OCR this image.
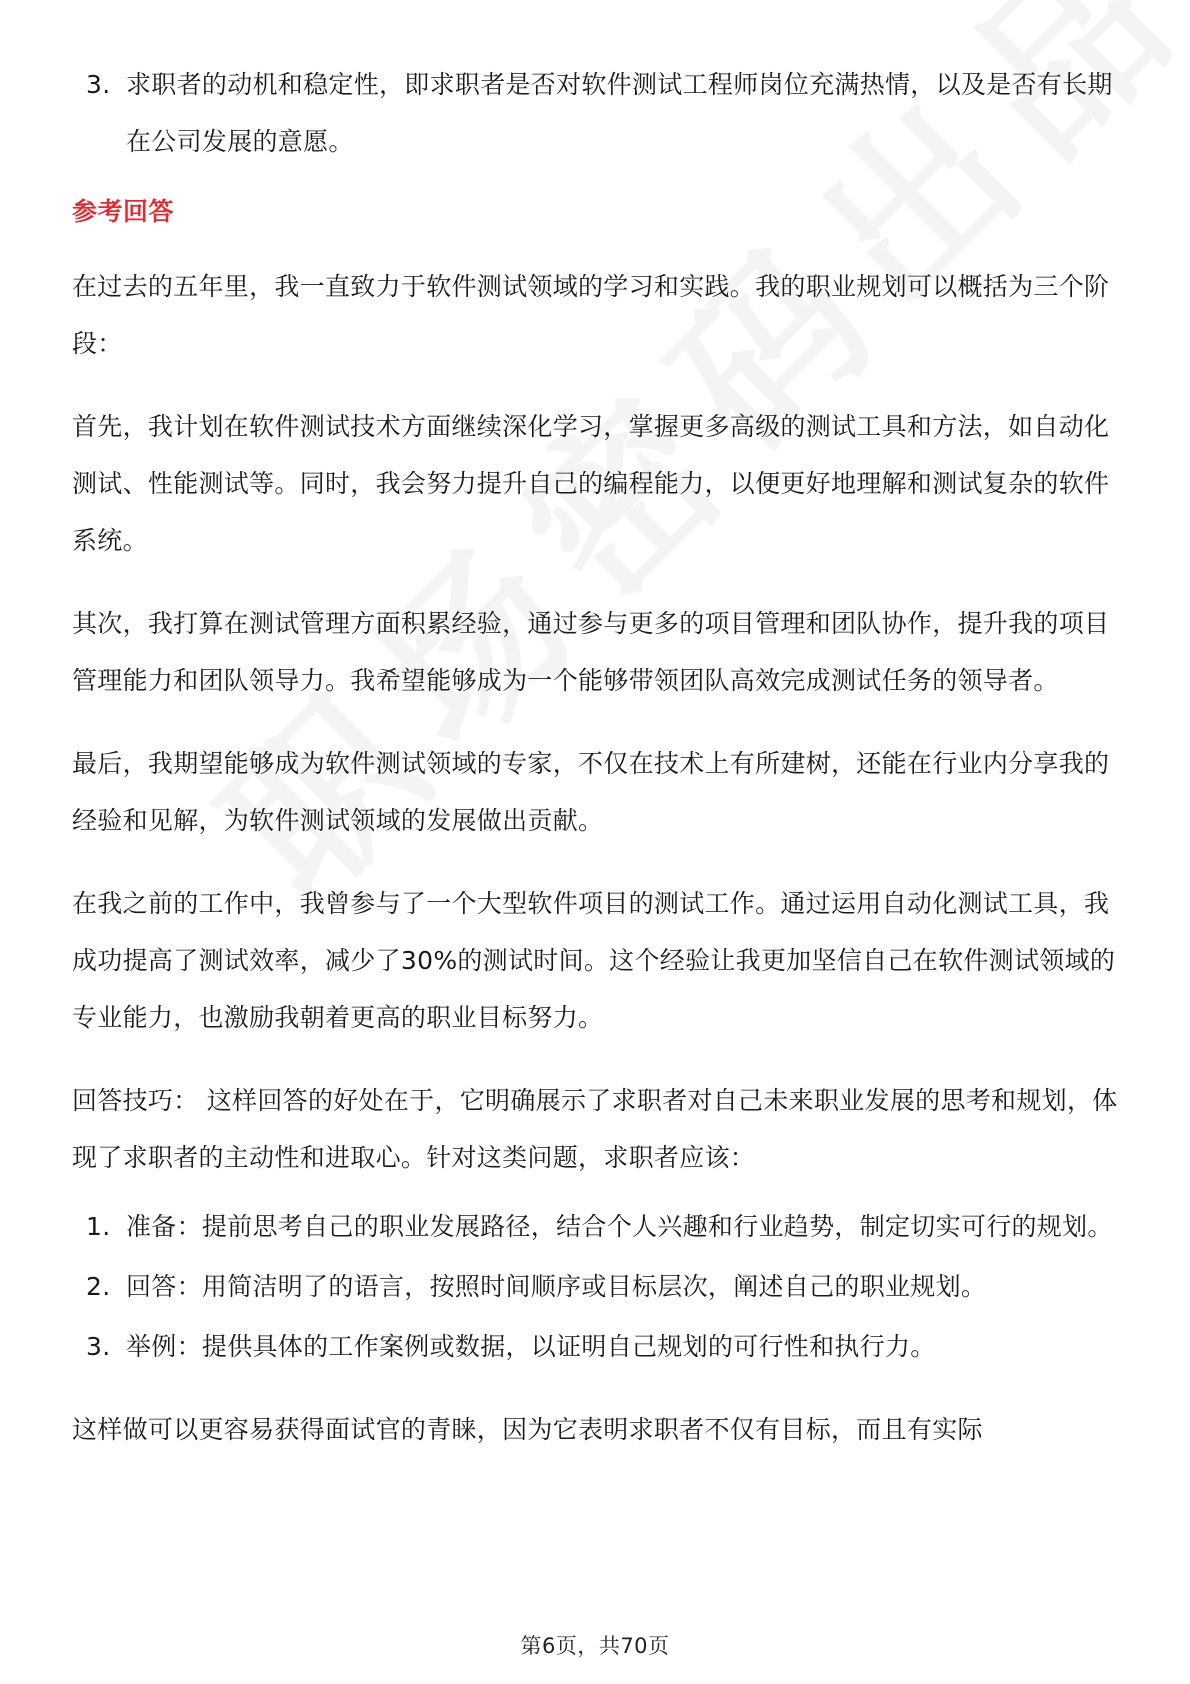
3. 求职者的动机和稳定性，即求职者是否对软件测试工程师岗位充满热情，以及是否有长期在公司发展的意愿。
参考回答

在过去的五年里，我一直致力于软件测试领域的学习和实践。我的职业规划可以概括为三个阶段：

首先，我计划在软件测试技术方面继续深化学习，掌握更多高级的测试工具和方法，如自动化测试、性能测试等。同时，我会努力提升自己的编程能力，以便更好地理解和测试复杂的软件系统。

其次，我打算在测试管理方面积累经验，通过参与更多的项目管理和团队协作，提升我的项目管理能力和团队领导力。我希望能够成为一个能够带领团队高效完成测试任务的领导者。

最后，我期望能够成为软件测试领域的专家，不仅在技术上有所建树，还能在行业内分享我的经验和见解，为软件测试领域的发展做出贡献。

在我之前的工作中，我曾参与了一个大型软件项目的测试工作。通过运用自动化测试工具，我成功提高了测试效率，减少了30%的测试时间。这个经验让我更加坚信自己在软件测试领域的专业能力，也激励我朝着更高的职业目标努力。

回答技巧： 这样回答的好处在于，它明确展示了求职者对自己未来职业发展的思考和规划，体现了求职者的主动性和进取心。针对这类问题，求职者应该：

1. 准备：提前思考自己的职业发展路径，结合个人兴趣和行业趋势，制定切实可行的规划。
2. 回答：用简洁明了的语言，按照时间顺序或目标层次，阐述自己的职业规划。
3. 举例：提供具体的工作案例或数据，以证明自己规划的可行性和执行力。

这样做可以更容易获得面试官的青睐，因为它表明求职者不仅有目标，而且有实际

第6页，共70页
